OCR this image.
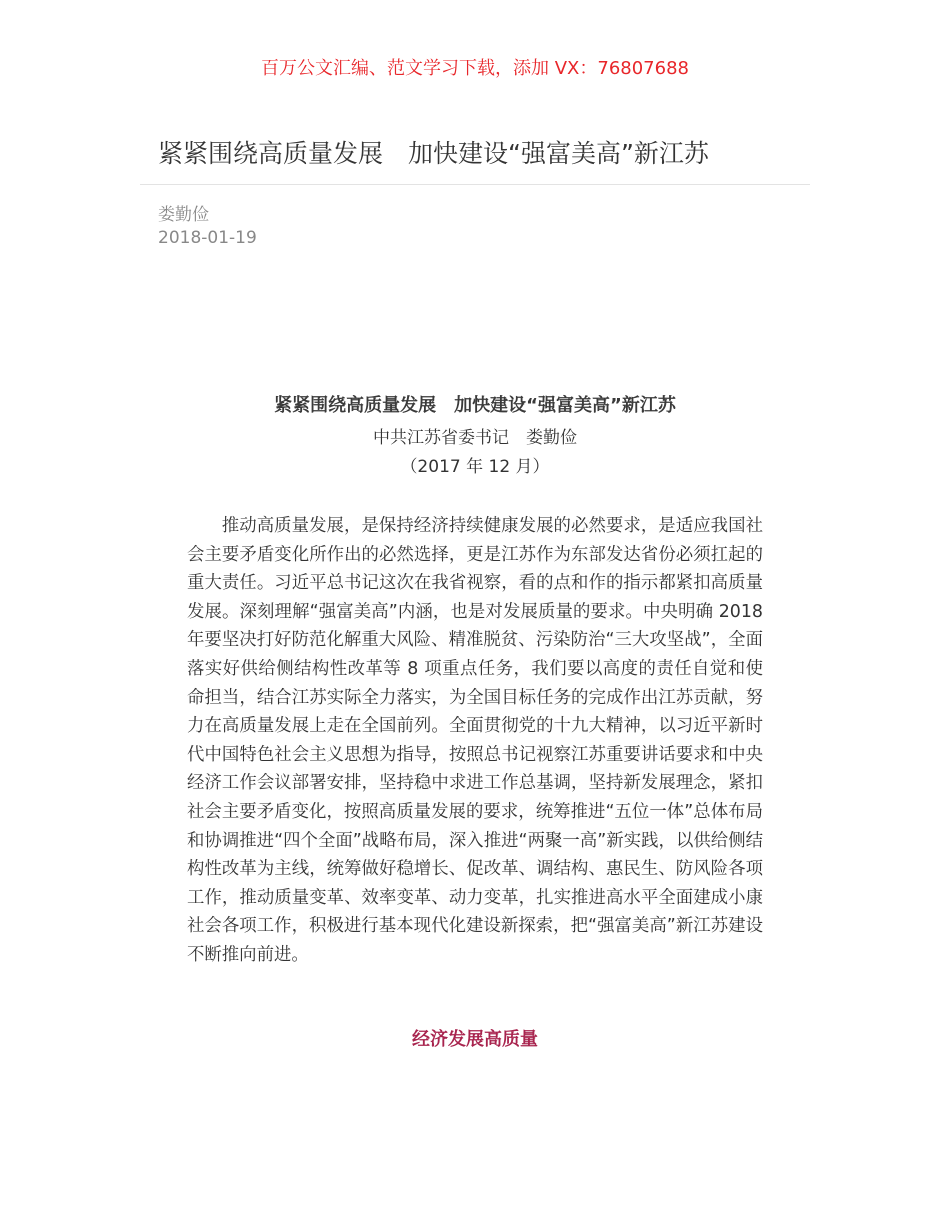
百万公文汇编、范文学习下载，添加 VX：76807688
紧紧围绕高质量发展　加快建设“强富美高”新江苏
娄勤俭
2018-01-19
紧紧围绕高质量发展　加快建设“强富美高”新江苏
中共江苏省委书记　娄勤俭
（2017 年 12 月）

推动高质量发展，是保持经济持续健康发展的必然要求，是适应我国社会主要矛盾变化所作出的必然选择，更是江苏作为东部发达省份必须扛起的重大责任。习近平总书记这次在我省视察，看的点和作的指示都紧扣高质量发展。深刻理解“强富美高”内涵，也是对发展质量的要求。中央明确 2018 年要坚决打好防范化解重大风险、精准脱贫、污染防治“三大攻坚战”，全面落实好供给侧结构性改革等 8 项重点任务，我们要以高度的责任自觉和使命担当，结合江苏实际全力落实，为全国目标任务的完成作出江苏贡献，努力在高质量发展上走在全国前列。全面贯彻党的十九大精神，以习近平新时代中国特色社会主义思想为指导，按照总书记视察江苏重要讲话要求和中央经济工作会议部署安排，坚持稳中求进工作总基调，坚持新发展理念，紧扣社会主要矛盾变化，按照高质量发展的要求，统筹推进“五位一体”总体布局和协调推进“四个全面”战略布局，深入推进“两聚一高”新实践，以供给侧结构性改革为主线，统筹做好稳增长、促改革、调结构、惠民生、防风险各项工作，推动质量变革、效率变革、动力变革，扎实推进高水平全面建成小康社会各项工作，积极进行基本现代化建设新探索，把“强富美高”新江苏建设不断推向前进。

经济发展高质量
